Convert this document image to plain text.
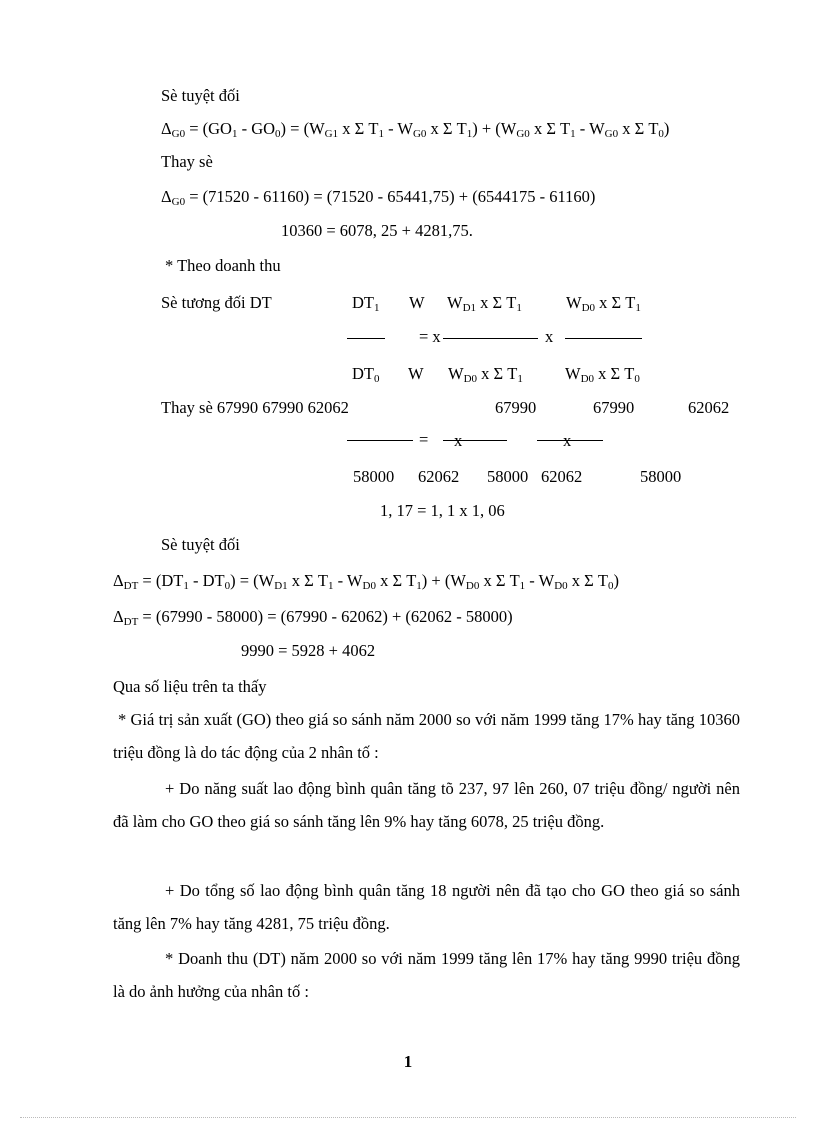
Sè tuyệt đối
$\Delta_{G0} = (GO_1 - GO_0) = (W_{G1}$ x Σ $T_1 - W_{G0}$ x Σ $T_1) + (W_{G0}$ x Σ $T_1 - W_{G0}$ x Σ $T_0$)
Thay sè
$\Delta_{G0} = (71520 - 61160) = (71520 - 65441,75) + (6544175 - 61160)$
10360 = 6078, 25 + 4281,75.
* Theo doanh thu
Sè tương đối DT	$DT_1$ W $W_{D1}$ x Σ $T_1$	$W_{D0}$ x Σ $T_1$
= x	x
$DT_0$ W $W_{D0}$ x Σ $T_1$	$W_{D0}$ x Σ $T_0$
Thay sè 67990 67990 62062	67990	67990	62062
= x	x
58000 62062 58000 62062	58000
1, 17 = 1, 1 x 1, 06
Sè tuyệt đối
$\Delta_{DT} = (DT_1 - DT_0) = (W_{D1}$ x Σ $T_1 - W_{D0}$ x Σ $T_1) + (W_{D0}$ x Σ $T_1 - W_{D0}$ x Σ $T_0$)
$\Delta_{DT} = (67990 - 58000) = (67990 - 62062) + (62062 - 58000)$
9990 = 5928 + 4062
Qua số liệu trên ta thấy
* Giá trị sản xuất (GO) theo giá so sánh năm 2000 so với năm 1999 tăng 17% hay tăng 10360 triệu đồng là do tác động của 2 nhân tố :
+ Do năng suất lao động bình quân tăng tõ 237, 97 lên 260, 07 triệu đồng/ người nên đã làm cho GO theo giá so sánh tăng lên 9% hay tăng 6078, 25 triệu đồng.
+ Do tổng số lao động bình quân tăng 18 người nên đã tạo cho GO theo giá so sánh tăng lên 7% hay tăng 4281, 75 triệu đồng.
* Doanh thu (DT) năm 2000 so với năm 1999 tăng lên 17% hay tăng 9990 triệu đồng là do ảnh hưởng của nhân tố :
1
